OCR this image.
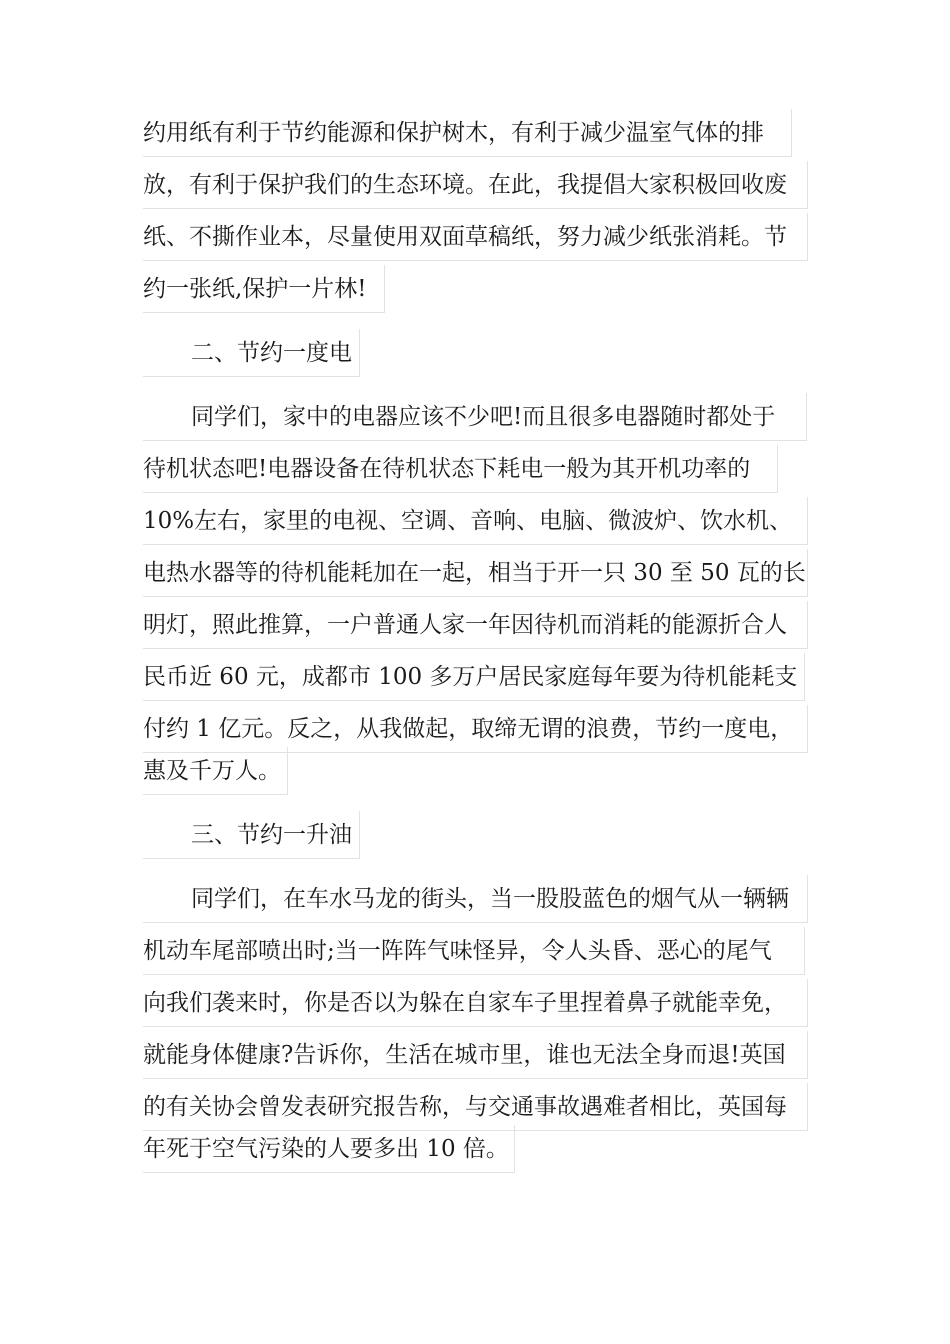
约用纸有利于节约能源和保护树木，有利于减少温室气体的排
放，有利于保护我们的生态环境。在此，我提倡大家积极回收废
纸、不撕作业本，尽量使用双面草稿纸，努力减少纸张消耗。节
约一张纸,保护一片林!
二、节约一度电
同学们，家中的电器应该不少吧!而且很多电器随时都处于
待机状态吧!电器设备在待机状态下耗电一般为其开机功率的
10%左右，家里的电视、空调、音响、电脑、微波炉、饮水机、
电热水器等的待机能耗加在一起，相当于开一只 30 至 50 瓦的长
明灯，照此推算，一户普通人家一年因待机而消耗的能源折合人
民币近 60 元，成都市 100 多万户居民家庭每年要为待机能耗支
付约 1 亿元。反之，从我做起，取缔无谓的浪费，节约一度电，
惠及千万人。
三、节约一升油
同学们，在车水马龙的街头，当一股股蓝色的烟气从一辆辆
机动车尾部喷出时;当一阵阵气味怪异，令人头昏、恶心的尾气
向我们袭来时，你是否以为躲在自家车子里捏着鼻子就能幸免，
就能身体健康?告诉你，生活在城市里，谁也无法全身而退!英国
的有关协会曾发表研究报告称，与交通事故遇难者相比，英国每
年死于空气污染的人要多出 10 倍。
